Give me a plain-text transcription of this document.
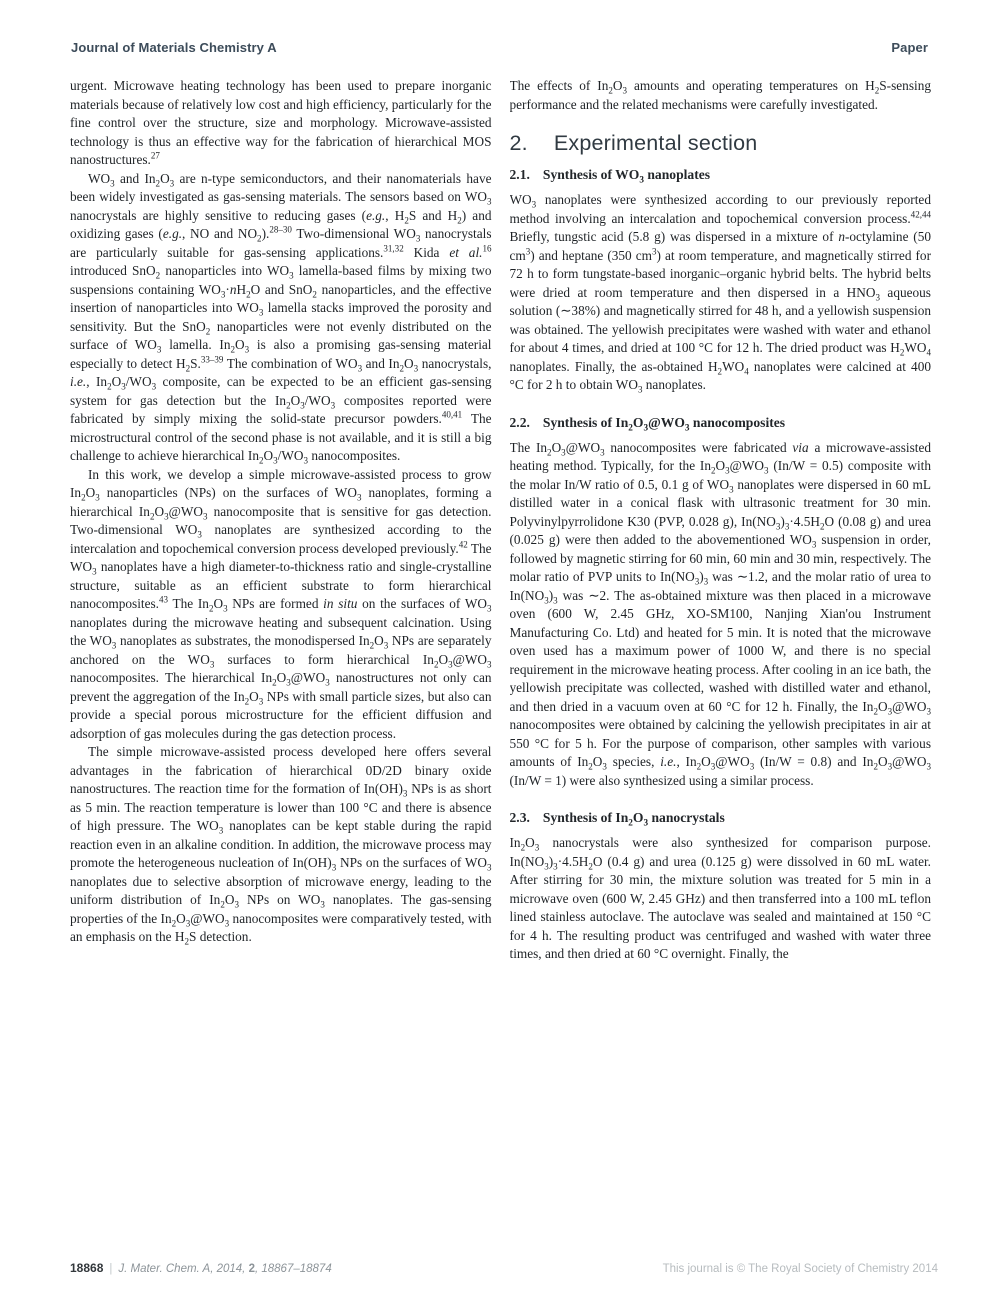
Journal of Materials Chemistry A	Paper

urgent. Microwave heating technology has been used to prepare inorganic materials because of relatively low cost and high efficiency, particularly for the fine control over the structure, size and morphology. Microwave-assisted technology is thus an effective way for the fabrication of hierarchical MOS nanostructures.$^{27}$

$WO_3$ and $In_2O_3$ are n-type semiconductors, and their nanomaterials have been widely investigated as gas-sensing materials. The sensors based on $WO_3$ nanocrystals are highly sensitive to reducing gases (e.g., $H_2S$ and $H_2$) and oxidizing gases (e.g., NO and $NO_2).^{28-30}$ Two-dimensional $WO_3$ nanocrystals are particularly suitable for gas-sensing applications.$^{31,32}$ Kida et al.$^{16}$ introduced SnO$_2$ nanoparticles into $WO_3$ lamella-based films by mixing two suspensions containing $WO_3\cdot nH_2O$ and SnO$_2$ nanoparticles, and the effective insertion of nanoparticles into $WO_3$ lamella stacks improved the porosity and sensitivity. But the SnO$_2$ nanoparticles were not evenly distributed on the surface of $WO_3$ lamella. $In_2O_3$ is also a promising gas-sensing material especially to detect $H_2S.^{33-39}$ The combination of $WO_3$ and $In_2O_3$ nanocrystals, i.e., $In_2O_3/WO_3$ composite, can be expected to be an efficient gas-sensing system for gas detection but the $In_2O_3/WO_3$ composites reported were fabricated by simply mixing the solid-state precursor powders.$^{40,41}$ The microstructural control of the second phase is not available, and it is still a big challenge to achieve hierarchical $In_2O_3/WO_3$ nanocomposites.

In this work, we develop a simple microwave-assisted process to grow $In_2O_3$ nanoparticles (NPs) on the surfaces of $WO_3$ nanoplates, forming a hierarchical $In_2O_3@WO_3$ nanocomposite that is sensitive for gas detection. Two-dimensional $WO_3$ nanoplates are synthesized according to the intercalation and topochemical conversion process developed previously.$^{42}$ The $WO_3$ nanoplates have a high diameter-to-thickness ratio and single-crystalline structure, suitable as an efficient substrate to form hierarchical nanocomposites.$^{43}$ The $In_2O_3$ NPs are formed in situ on the surfaces of $WO_3$ nanoplates during the microwave heating and subsequent calcination. Using the $WO_3$ nanoplates as substrates, the monodispersed $In_2O_3$ NPs are separately anchored on the $WO_3$ surfaces to form hierarchical $In_2O_3@WO_3$ nanocomposites. The hierarchical $In_2O_3@WO_3$ nanostructures not only can prevent the aggregation of the $In_2O_3$ NPs with small particle sizes, but also can provide a special porous microstructure for the efficient diffusion and adsorption of gas molecules during the gas detection process.

The simple microwave-assisted process developed here offers several advantages in the fabrication of hierarchical 0D/2D binary oxide nanostructures. The reaction time for the formation of $In(OH)_3$ NPs is as short as 5 min. The reaction temperature is lower than 100 °C and there is absence of high pressure. The $WO_3$ nanoplates can be kept stable during the rapid reaction even in an alkaline condition. In addition, the microwave process may promote the heterogeneous nucleation of $In(OH)_3$ NPs on the surfaces of $WO_3$ nanoplates due to selective absorption of microwave energy, leading to the uniform distribution of $In_2O_3$ NPs on $WO_3$ nanoplates. The gas-sensing properties of the $In_2O_3@WO_3$ nanocomposites were comparatively tested, with an emphasis on the $H_2S$ detection.

The effects of $In_2O_3$ amounts and operating temperatures on $H_2S$-sensing performance and the related mechanisms were carefully investigated.

2. Experimental section
2.1. Synthesis of $WO_3$ nanoplates

$WO_3$ nanoplates were synthesized according to our previously reported method involving an intercalation and topochemical conversion process.$^{42,44}$ Briefly, tungstic acid (5.8 g) was dispersed in a mixture of n-octylamine (50 $cm^3$) and heptane (350 $cm^3$) at room temperature, and magnetically stirred for 72 h to form tungstate-based inorganic–organic hybrid belts. The hybrid belts were dried at room temperature and then dispersed in a $HNO_3$ aqueous solution (∼38%) and magnetically stirred for 48 h, and a yellowish suspension was obtained. The yellowish precipitates were washed with water and ethanol for about 4 times, and dried at 100 °C for 12 h. The dried product was $H_2WO_4$ nanoplates. Finally, the as-obtained $H_2WO_4$ nanoplates were calcined at 400 °C for 2 h to obtain $WO_3$ nanoplates.

2.2. Synthesis of $In_2O_3@WO_3$ nanocomposites

The $In_2O_3@WO_3$ nanocomposites were fabricated via a microwave-assisted heating method. Typically, for the $In_2O_3@WO_3$ (In/W = 0.5) composite with the molar In/W ratio of 0.5, 0.1 g of $WO_3$ nanoplates were dispersed in 60 mL distilled water in a conical flask with ultrasonic treatment for 30 min. Polyvinylpyrrolidone K30 (PVP, 0.028 g), $In(NO_3)_3\cdot 4.5H_2O$ (0.08 g) and urea (0.025 g) were then added to the abovementioned $WO_3$ suspension in order, followed by magnetic stirring for 60 min, 60 min and 30 min, respectively. The molar ratio of PVP units to $In(NO_3)_3$ was ∼1.2, and the molar ratio of urea to $In(NO_3)_3$ was ∼2. The as-obtained mixture was then placed in a microwave oven (600 W, 2.45 GHz, XO-SM100, Nanjing Xian'ou Instrument Manufacturing Co. Ltd) and heated for 5 min. It is noted that the microwave oven used has a maximum power of 1000 W, and there is no special requirement in the microwave heating process. After cooling in an ice bath, the yellowish precipitate was collected, washed with distilled water and ethanol, and then dried in a vacuum oven at 60 °C for 12 h. Finally, the $In_2O_3@WO_3$ nanocomposites were obtained by calcining the yellowish precipitates in air at 550 °C for 5 h. For the purpose of comparison, other samples with various amounts of $In_2O_3$ species, i.e., $In_2O_3@WO_3$ (In/W = 0.8) and $In_2O_3@WO_3$ (In/W = 1) were also synthesized using a similar process.

2.3. Synthesis of $In_2O_3$ nanocrystals

$In_2O_3$ nanocrystals were also synthesized for comparison purpose. $In(NO_3)_3\cdot 4.5H_2O$ (0.4 g) and urea (0.125 g) were dissolved in 60 mL water. After stirring for 30 min, the mixture solution was treated for 5 min in a microwave oven (600 W, 2.45 GHz) and then transferred into a 100 mL teflon lined stainless autoclave. The autoclave was sealed and maintained at 150 °C for 4 h. The resulting product was centrifuged and washed with water three times, and then dried at 60 °C overnight. Finally, the

18868 | J. Mater. Chem. A, 2014, 2, 18867–18874	This journal is © The Royal Society of Chemistry 2014
